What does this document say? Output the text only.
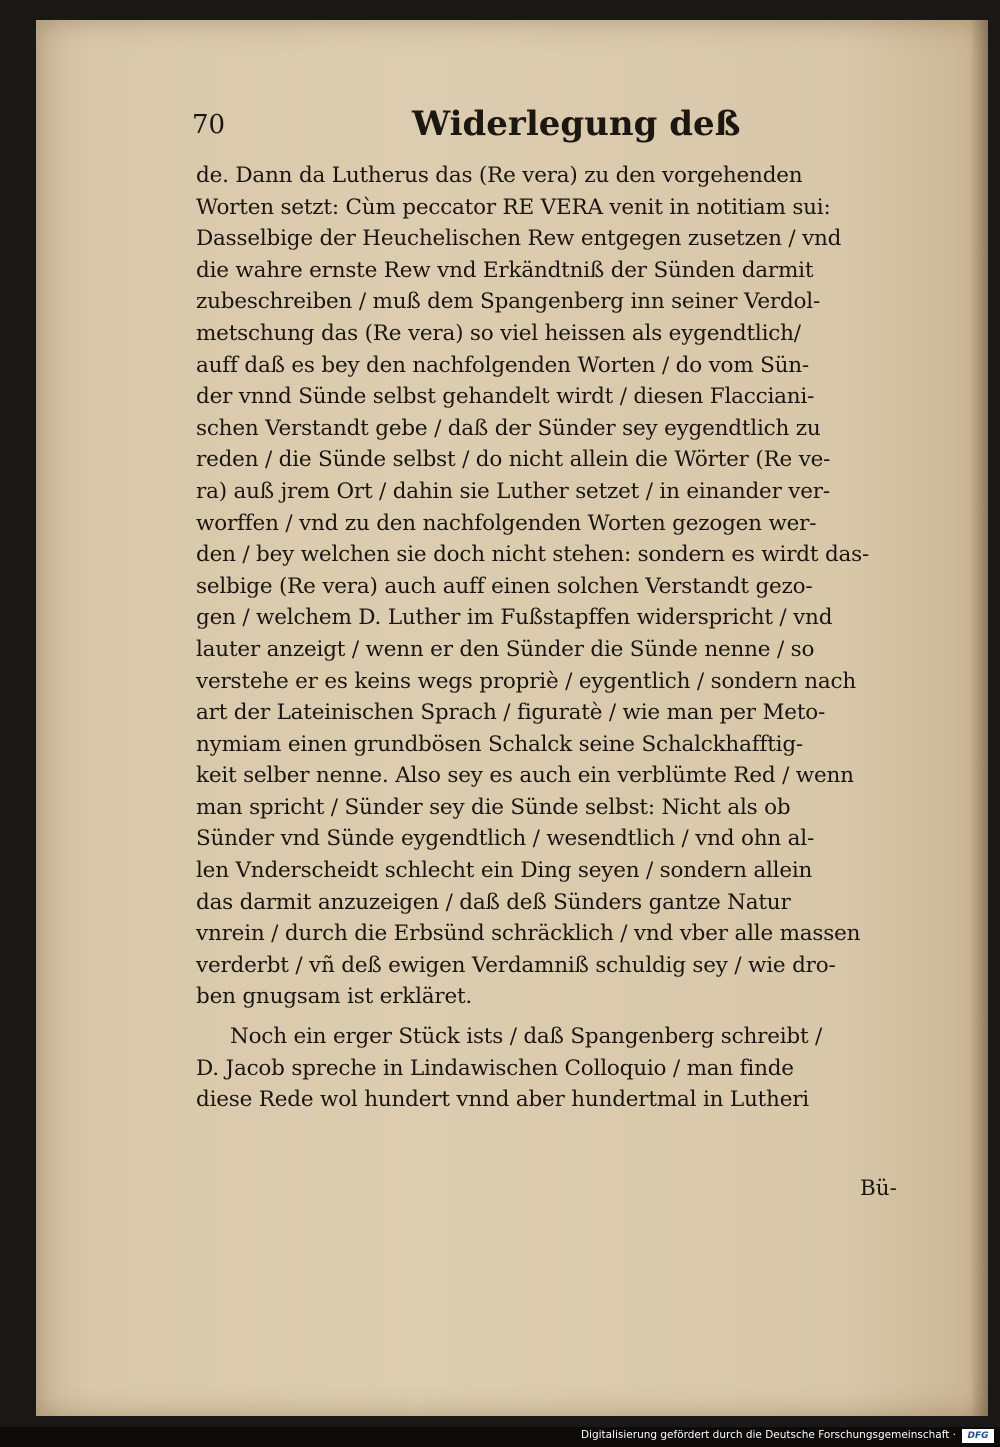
70	Widerlegung deß
de. Dann da Lutherus das (Re vera) zu den vorgehenden
Worten setzt: Cùm peccator RE VERA venit in notitiam sui:
Dasselbige der Heuchelischen Rew entgegen zusetzen / vnd
die wahre ernste Rew vnd Erkändtniß der Sünden darmit
zubeschreiben / muß dem Spangenberg inn seiner Verdol-
metschung das (Re vera) so viel heissen als eygendtlich/
auff daß es bey den nachfolgenden Worten / do vom Sün-
der vnnd Sünde selbst gehandelt wirdt / diesen Flacciani-
schen Verstandt gebe / daß der Sünder sey eygendtlich zu
reden / die Sünde selbst / do nicht allein die Wörter (Re ve-
ra) auß jrem Ort / dahin sie Luther setzet / in einander ver-
worffen / vnd zu den nachfolgenden Worten gezogen wer-
den / bey welchen sie doch nicht stehen: sondern es wirdt das-
selbige (Re vera) auch auff einen solchen Verstandt gezo-
gen / welchem D. Luther im Fußstapffen widerspricht / vnd
lauter anzeigt / wenn er den Sünder die Sünde nenne / so
verstehe er es keins wegs propriè / eygentlich / sondern nach
art der Lateinischen Sprach / figuratè / wie man per Meto-
nymiam einen grundbösen Schalck seine Schalckhafftig-
keit selber nenne. Also sey es auch ein verblümte Red / wenn
man spricht / Sünder sey die Sünde selbst: Nicht als ob
Sünder vnd Sünde eygendtlich / wesendtlich / vnd ohn al-
len Vnderscheidt schlecht ein Ding seyen / sondern allein
das darmit anzuzeigen / daß deß Sünders gantze Natur
vnrein / durch die Erbsünd schräcklich / vnd vber alle massen
verderbt / vñ deß ewigen Verdamniß schuldig sey / wie dro-
ben gnugsam ist erkläret.
Noch ein erger Stück ists / daß Spangenberg schreibt /
D. Jacob spreche in Lindawischen Colloquio / man finde
diese Rede wol hundert vnnd aber hundertmal in Lutheri
Bü-
Digitalisierung gefördert durch die Deutsche Forschungsgemeinschaft ·	DFG
